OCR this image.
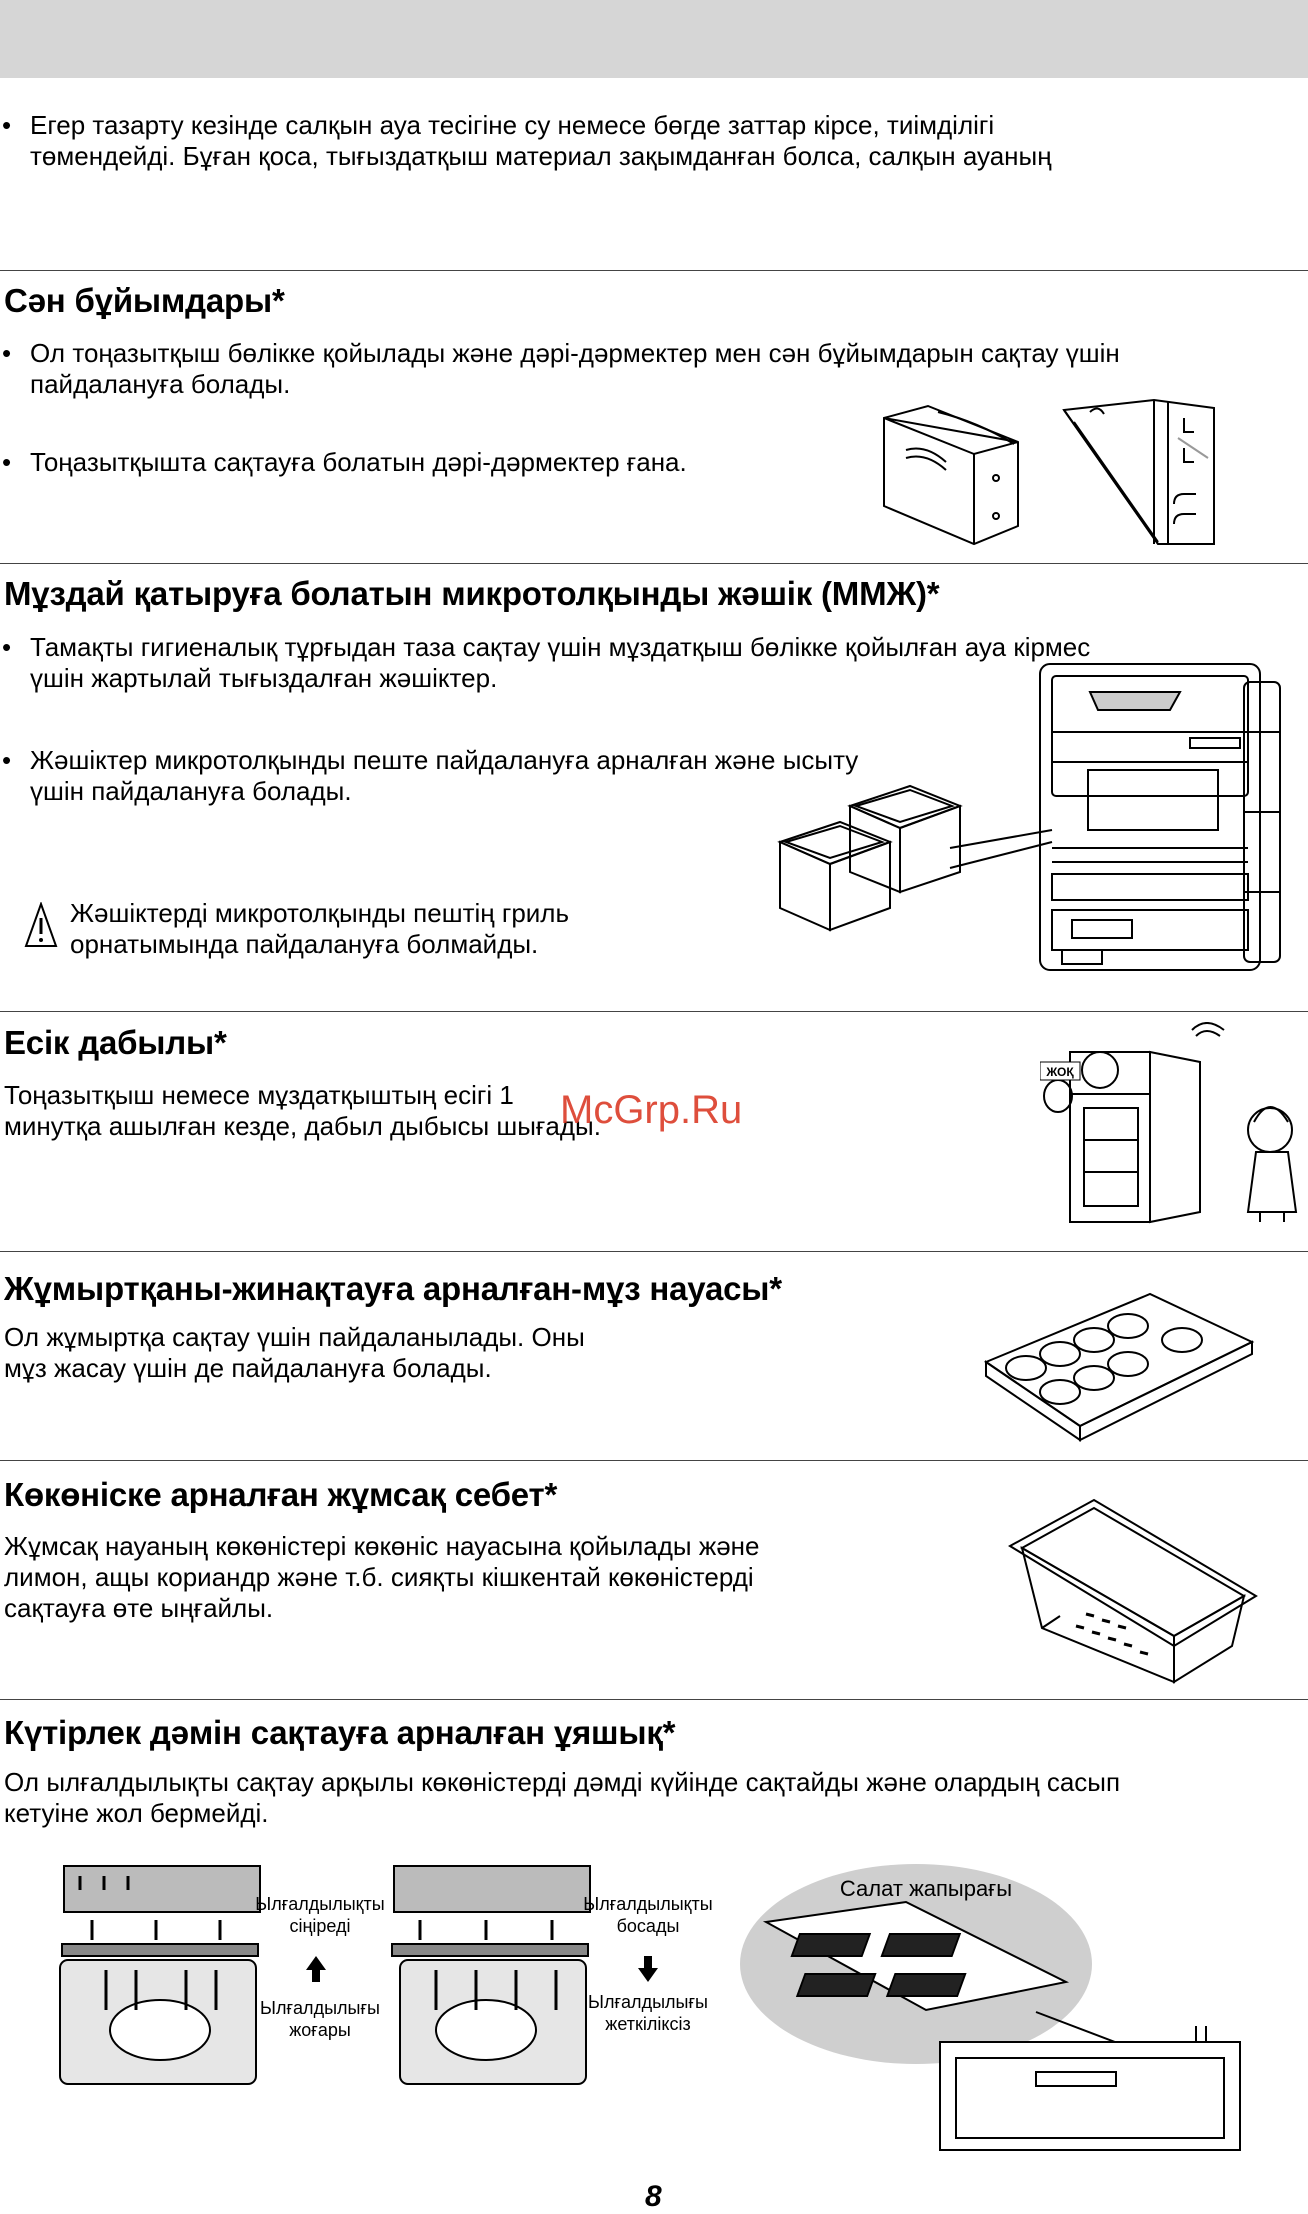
• Егер тазарту кезінде салқын ауа тесігіне су немесе бөгде заттар кірсе, тиімділігі
төмендейді. Бұған қоса, тығыздатқыш материал зақымданған болса, салқын ауаның
Сән бұйымдары*
• Ол тоңазытқыш бөлікке қойылады және дәрі-дәрмектер мен сән бұйымдарын сақтау үшін
пайдалануға болады.
• Тоңазытқышта сақтауға болатын дәрі-дәрмектер ғана.
Мұздай қатыруға болатын микротолқынды жәшік (ММЖ)*
• Тамақты гигиеналық тұрғыдан таза сақтау үшін мұздатқыш бөлікке қойылған ауа кірмес
үшін жартылай тығыздалған жәшіктер.
• Жәшіктер микротолқынды пеште пайдалануға арналған және ысыту
үшін пайдалануға болады.
Жәшіктерді микротолқынды пештің гриль
орнатымында пайдалануға болмайды.
Есік дабылы*
Тоңазытқыш немесе мұздатқыштың есігі 1
минутқа ашылған кезде, дабыл дыбысы шығады.
ЖОҚ
McGrp.Ru
Жұмыртқаны-жинақтауға арналған-мұз науасы*
Ол жұмыртқа сақтау үшін пайдаланылады. Оны
мұз жасау үшін де пайдалануға болады.
Көкөніске арналған жұмсақ себет*
Жұмсақ науаның көкөністері көкөніс науасына қойылады және
лимон, ащы кориандр және т.б. сияқты кішкентай көкөністерді
сақтауға өте ыңғайлы.
Күтірлек дәмін сақтауға арналған ұяшық*
Ол ылғалдылықты сақтау арқылы көкөністерді дәмді күйінде сақтайды және олардың сасып
кетуіне жол бермейді.
Ылғалдылықты
сіңіреді
Ылғалдылығы
жоғары
Ылғалдылықты
босады
Ылғалдылығы
жеткіліксіз
Салат жапырағы
8
